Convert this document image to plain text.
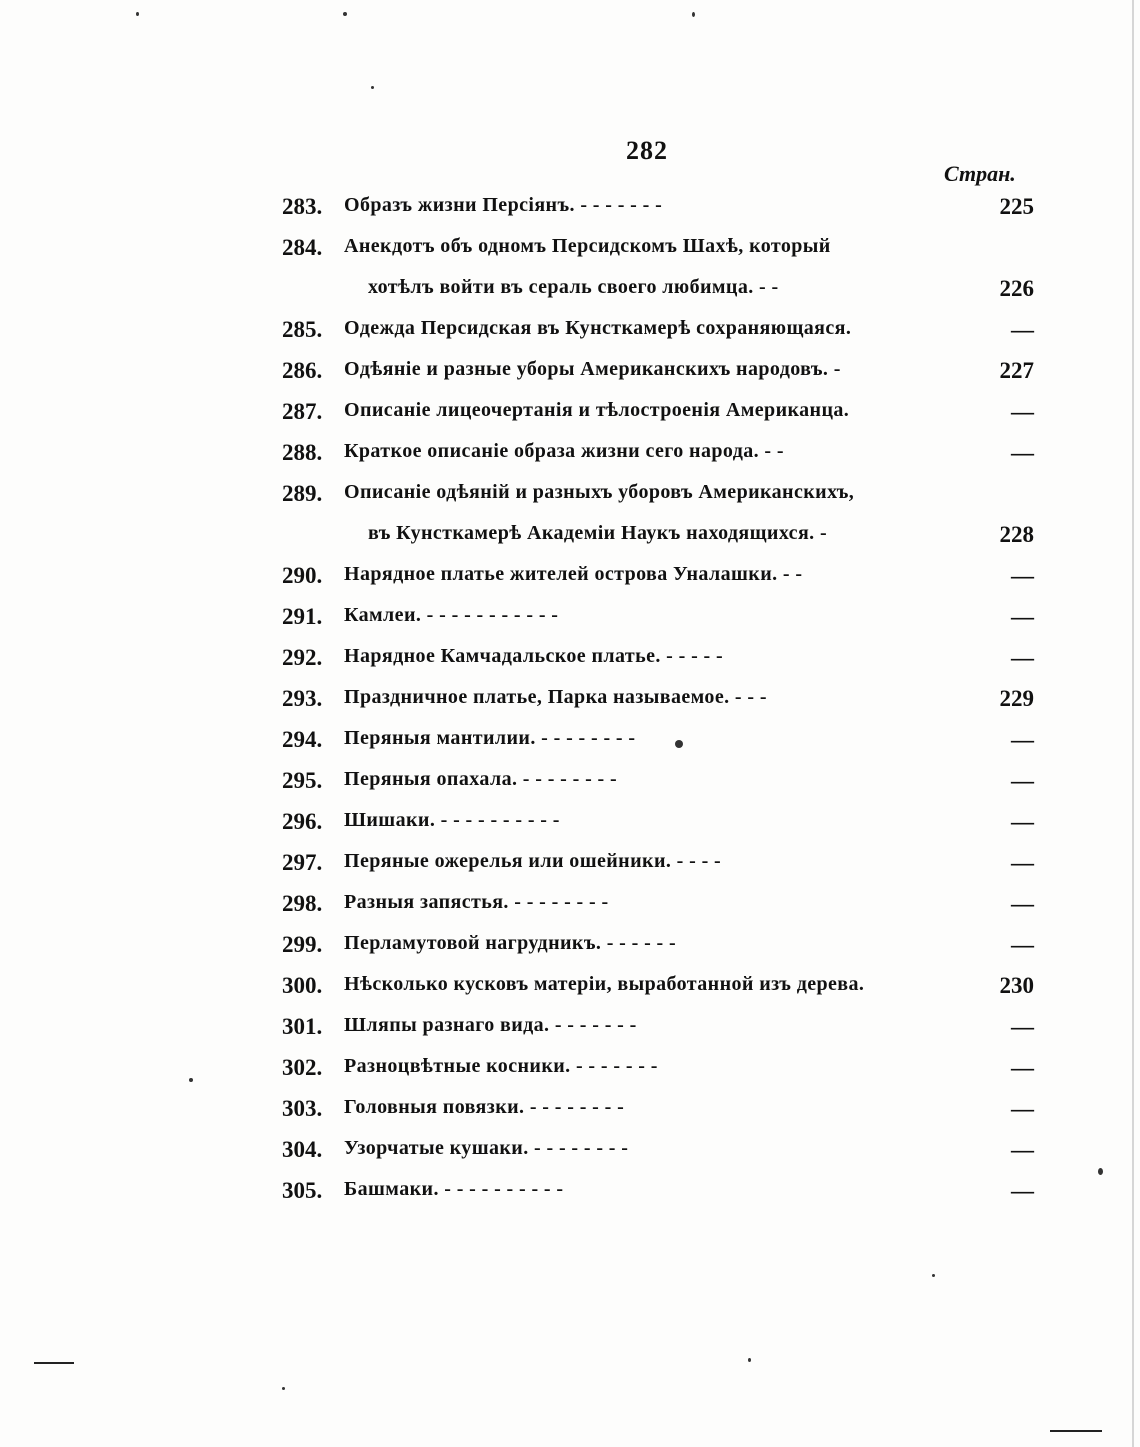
282
Стран.
283. Образъ жизни Персіянъ. - - - - - - -	225
284. Анекдотъ объ одномъ Персидскомъ Шахѣ, который
хотѣлъ войти въ сераль своего любимца. - -	226
285. Одежда Персидская въ Кунсткамерѣ сохраняющаяся.	—
286. Одѣяніе и разные уборы Американскихъ народовъ. -	227
287. Описаніе лицеочертанія и тѣлостроенія Американца.	—
288. Краткое описаніе образа жизни сего народа. - -	—
289. Описаніе одѣяній и разныхъ уборовъ Американскихъ,
въ Кунсткамерѣ Академіи Наукъ находящихся. -	228
290. Нарядное платье жителей острова Уналашки. - -	—
291. Камлеи. - - - - - - - - - - -	—
292. Нарядное Камчадальское платье. - - - - -	—
293. Праздничное платье, Парка называемое. - - -	229
294. Перяныя мантилии. - - - - - - - -	—
295. Перяныя опахала. - - - - - - - -	—
296. Шишаки. - - - - - - - - - -	—
297. Перяные ожерелья или ошейники. - - - -	—
298. Разныя запястья. - - - - - - - -	—
299. Перламутовой нагрудникъ. - - - - - -	—
300. Нѣсколько кусковъ матеріи, выработанной изъ дерева.	230
301. Шляпы разнаго вида. - - - - - - -	—
302. Разноцвѣтные косники. - - - - - - -	—
303. Головныя повязки. - - - - - - - -	—
304. Узорчатые кушаки. - - - - - - - -	—
305. Башмаки. - - - - - - - - - -	—
